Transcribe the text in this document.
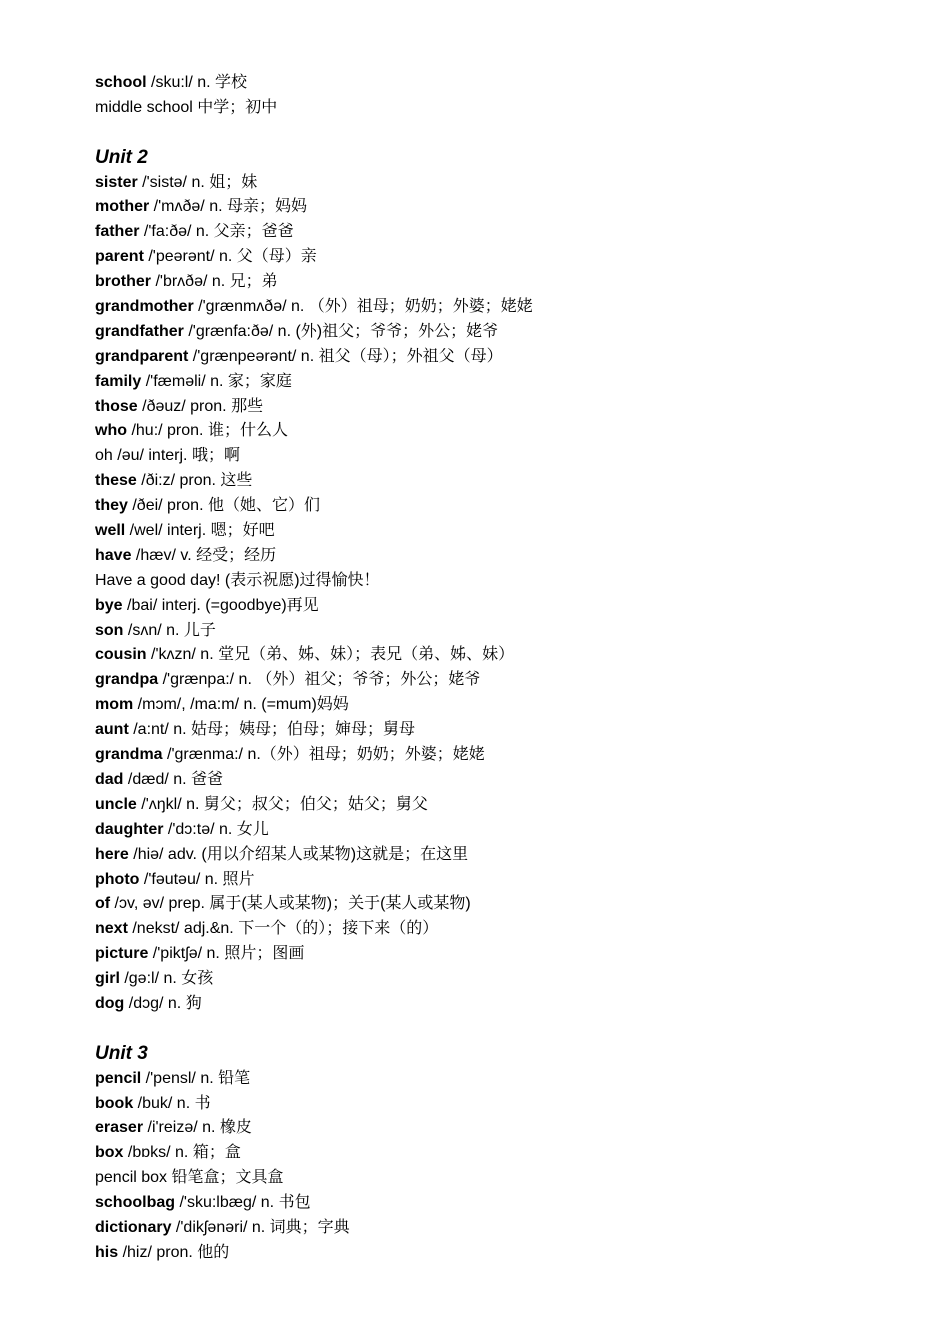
school /sku:l/ n. 学校
middle school 中学；初中
Unit 2
sister /'sistə/ n. 姐；妹
mother /'mʌðə/ n. 母亲；妈妈
father /'fa:ðə/ n. 父亲；爸爸
parent /'peərənt/ n. 父（母）亲
brother /'brʌðə/ n. 兄；弟
grandmother /'grænmʌðə/ n. （外）祖母；奶奶；外婆；姥姥
grandfather /'grænfa:ðə/ n. (外)祖父；爷爷；外公；姥爷
grandparent /'grænpeərənt/ n. 祖父（母）；外祖父（母）
family /'fæməli/ n. 家；家庭
those /ðəuz/ pron. 那些
who /hu:/ pron. 谁；什么人
oh /əu/ interj. 哦；啊
these /ði:z/ pron. 这些
they /ðei/ pron. 他（她、它）们
well /wel/ interj. 嗯；好吧
have /hæv/ v. 经受；经历
Have a good day! (表示祝愿)过得愉快！
bye /bai/ interj. (=goodbye)再见
son /sʌn/ n. 儿子
cousin /'kʌzn/ n. 堂兄（弟、姊、妹）；表兄（弟、姊、妹）
grandpa /'grænpa:/ n. （外）祖父；爷爷；外公；姥爷
mom /mɔm/, /ma:m/ n. (=mum)妈妈
aunt /a:nt/ n. 姑母；姨母；伯母；婶母；舅母
grandma /'grænma:/ n.（外）祖母；奶奶；外婆；姥姥
dad /dæd/ n. 爸爸
uncle /'ʌŋkl/ n. 舅父；叔父；伯父；姑父；舅父
daughter /'dɔ:tə/ n. 女儿
here /hiə/ adv. (用以介绍某人或某物)这就是；在这里
photo /'fəutəu/ n. 照片
of /ɔv, əv/ prep. 属于(某人或某物)；关于(某人或某物)
next /nekst/ adj.&n. 下一个（的）；接下来（的）
picture /'piktʃə/ n. 照片；图画
girl /gə:l/ n. 女孩
dog /dɔg/ n. 狗
Unit 3
pencil /'pensl/ n. 铅笔
book /buk/ n. 书
eraser /i'reizə/ n. 橡皮
box /bɒks/ n. 箱；盒
pencil box 铅笔盒；文具盒
schoolbag /'sku:lbæg/ n. 书包
dictionary /'dikʃənəri/ n. 词典；字典
his /hiz/ pron. 他的
